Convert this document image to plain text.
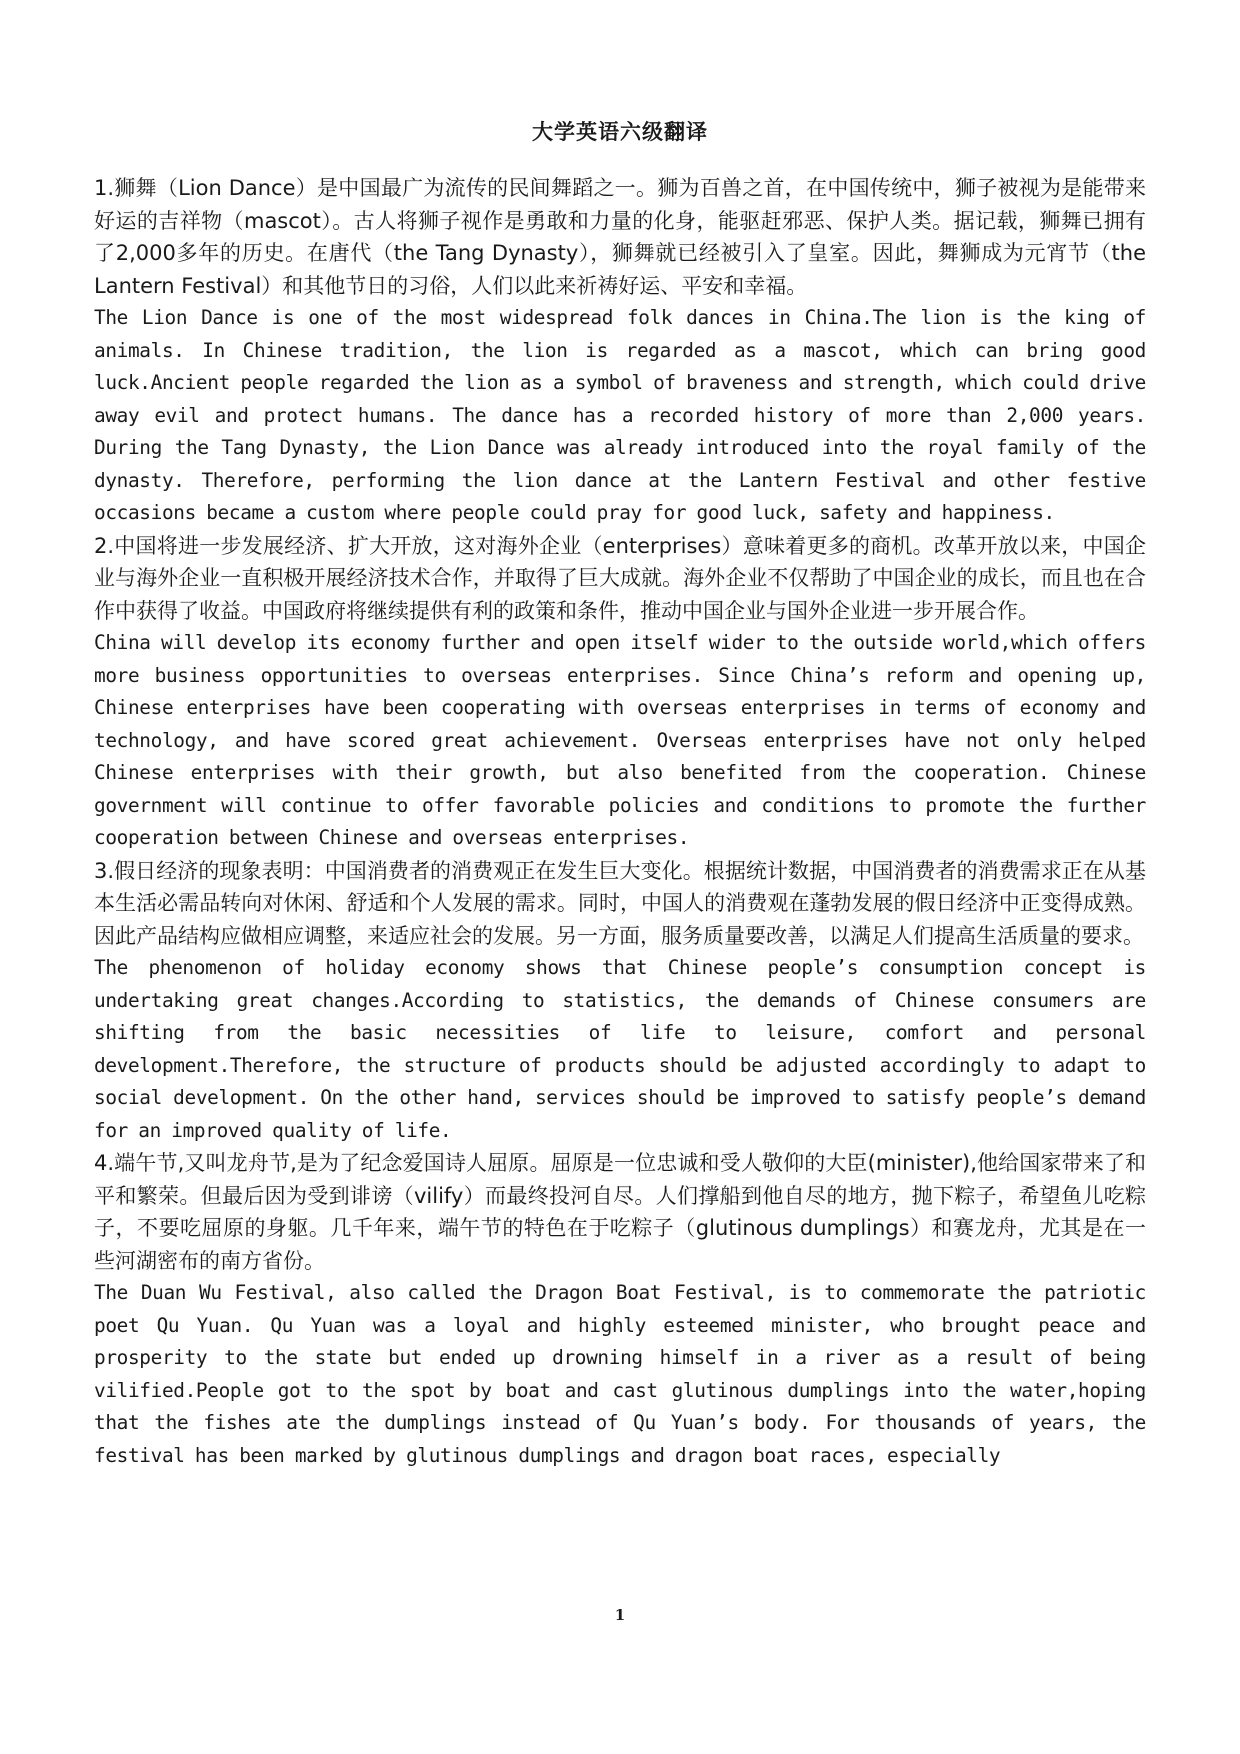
大学英语六级翻译

1.狮舞（Lion Dance）是中国最广为流传的民间舞蹈之一。狮为百兽之首，在中国传统中，狮子被视为是能带来好运的吉祥物（mascot）。古人将狮子视作是勇敢和力量的化身，能驱赶邪恶、保护人类。据记载，狮舞已拥有了2,000多年的历史。在唐代（the Tang Dynasty），狮舞就已经被引入了皇室。因此，舞狮成为元宵节（the Lantern Festival）和其他节日的习俗，人们以此来祈祷好运、平安和幸福。

The Lion Dance is one of the most widespread folk dances in China.The lion is the king of animals. In Chinese tradition, the lion is regarded as a mascot, which can bring good luck.Ancient people regarded the lion as a symbol of braveness and strength, which could drive away evil and protect humans. The dance has a recorded history of more than 2,000 years. During the Tang Dynasty, the Lion Dance was already introduced into the royal family of the dynasty. Therefore, performing the lion dance at the Lantern Festival and other festive occasions became a custom where people could pray for good luck, safety and happiness.

2.中国将进一步发展经济、扩大开放，这对海外企业（enterprises）意味着更多的商机。改革开放以来，中国企业与海外企业一直积极开展经济技术合作，并取得了巨大成就。海外企业不仅帮助了中国企业的成长，而且也在合作中获得了收益。中国政府将继续提供有利的政策和条件，推动中国企业与国外企业进一步开展合作。

China will develop its economy further and open itself wider to the outside world,which offers more business opportunities to overseas enterprises. Since China’s reform and opening up, Chinese enterprises have been cooperating with overseas enterprises in terms of economy and technology, and have scored great achievement. Overseas enterprises have not only helped Chinese enterprises with their growth, but also benefited from the cooperation. Chinese government will continue to offer favorable policies and conditions to promote the further cooperation between Chinese and overseas enterprises.

3.假日经济的现象表明：中国消费者的消费观正在发生巨大变化。根据统计数据，中国消费者的消费需求正在从基本生活必需品转向对休闲、舒适和个人发展的需求。同时，中国人的消费观在蓬勃发展的假日经济中正变得成熟。因此产品结构应做相应调整，来适应社会的发展。另一方面，服务质量要改善，以满足人们提高生活质量的要求。

The phenomenon of holiday economy shows that Chinese people’s consumption concept is undertaking great changes.According to statistics, the demands of Chinese consumers are shifting from the basic necessities of life to leisure, comfort and personal development.Therefore, the structure of products should be adjusted accordingly to adapt to social development. On the other hand, services should be improved to satisfy people’s demand for an improved quality of life.

4.端午节,又叫龙舟节,是为了纪念爱国诗人屈原。屈原是一位忠诚和受人敬仰的大臣(minister),他给国家带来了和平和繁荣。但最后因为受到诽谤（vilify）而最终投河自尽。人们撑船到他自尽的地方，抛下粽子，希望鱼儿吃粽子，不要吃屈原的身躯。几千年来，端午节的特色在于吃粽子（glutinous dumplings）和赛龙舟，尤其是在一些河湖密布的南方省份。

The Duan Wu Festival, also called the Dragon Boat Festival, is to commemorate the patriotic poet Qu Yuan. Qu Yuan was a loyal and highly esteemed minister, who brought peace and prosperity to the state but ended up drowning himself in a river as a result of being vilified.People got to the spot by boat and cast glutinous dumplings into the water,hoping that the fishes ate the dumplings instead of Qu Yuan’s body. For thousands of years, the festival has been marked by glutinous dumplings and dragon boat races, especially

1
